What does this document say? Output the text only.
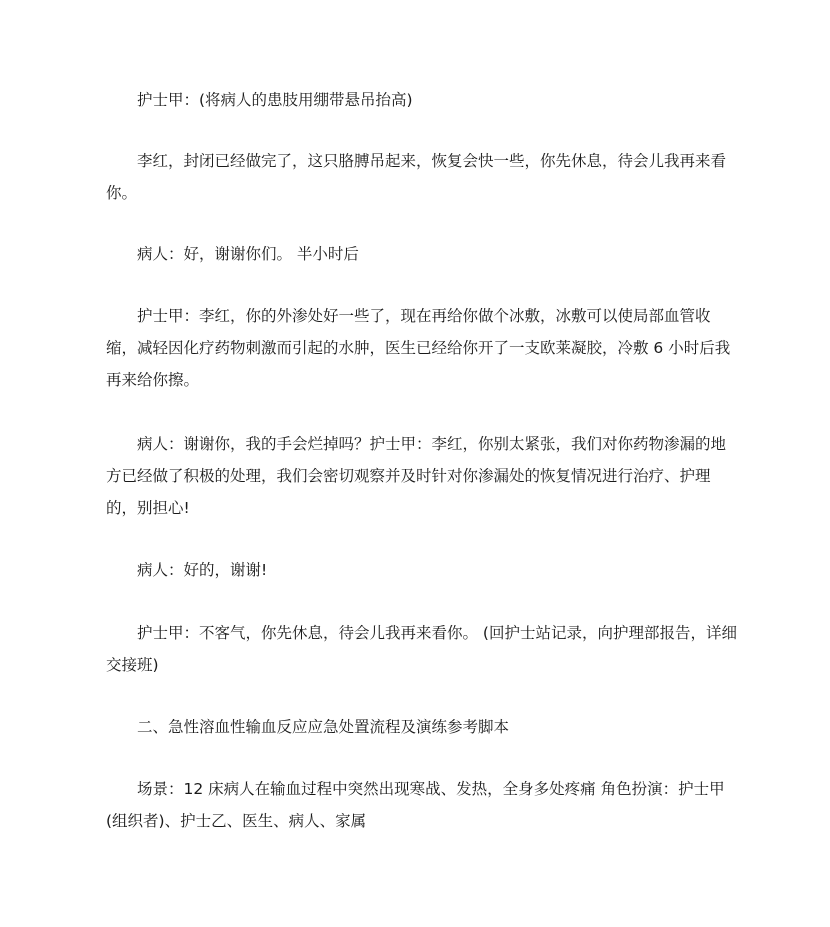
护士甲：(将病人的患肢用绷带悬吊抬高)

李红，封闭已经做完了，这只胳膊吊起来，恢复会快一些，你先休息，待会儿我再来看你。

病人：好，谢谢你们。 半小时后

护士甲：李红，你的外渗处好一些了，现在再给你做个冰敷，冰敷可以使局部血管收缩，减轻因化疗药物刺激而引起的水肿，医生已经给你开了一支欧莱凝胶，冷敷 6 小时后我再来给你擦。

病人：谢谢你，我的手会烂掉吗？护士甲：李红，你别太紧张，我们对你药物渗漏的地方已经做了积极的处理，我们会密切观察并及时针对你渗漏处的恢复情况进行治疗、护理的，别担心!

病人：好的，谢谢!

护士甲：不客气，你先休息，待会儿我再来看你。 (回护士站记录，向护理部报告，详细交接班)

二、急性溶血性输血反应应急处置流程及演练参考脚本

场景：12 床病人在输血过程中突然出现寒战、发热，全身多处疼痛 角色扮演：护士甲(组织者)、护士乙、医生、病人、家属
